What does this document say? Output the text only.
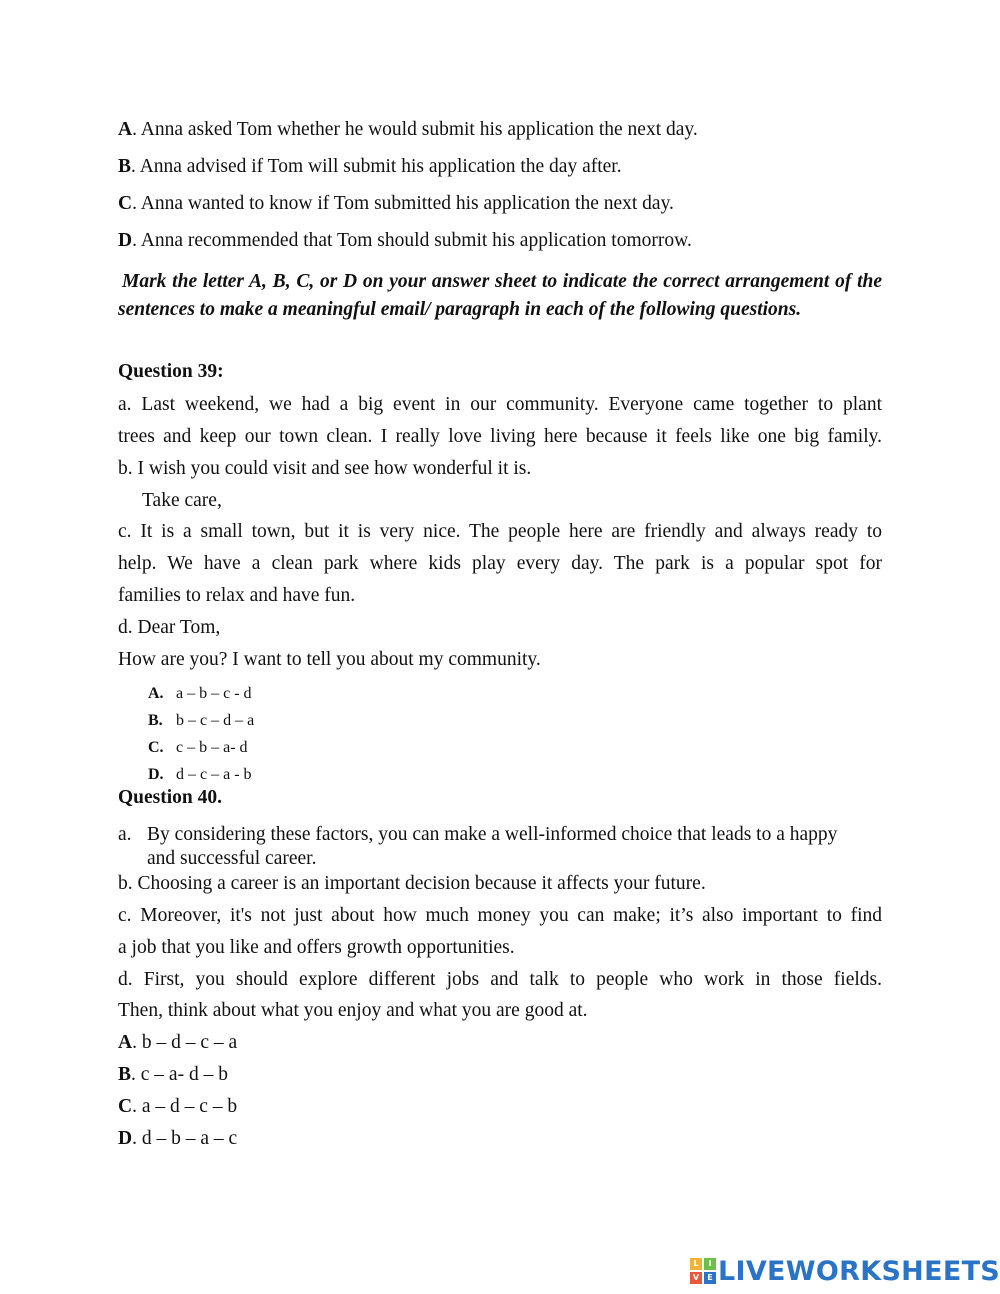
A. Anna asked Tom whether he would submit his application the next day.
B. Anna advised if Tom will submit his application the day after.
C. Anna wanted to know if Tom submitted his application the next day.
D. Anna recommended that Tom should submit his application tomorrow.
Mark the letter A, B, C, or D on your answer sheet to indicate the correct arrangement of the sentences to make a meaningful email/ paragraph in each of the following questions.
Question 39:
a. Last weekend, we had a big event in our community. Everyone came together to plant
trees and keep our town clean. I really love living here because it feels like one big family.
b. I wish you could visit and see how wonderful it is.
Take care,
c. It is a small town, but it is very nice. The people here are friendly and always ready to
help. We have a clean park where kids play every day. The park is a popular spot for
families to relax and have fun.
d. Dear Tom,
How are you? I want to tell you about my community.
A. a – b – c - d
B. b – c – d – a
C. c – b – a- d
D. d – c – a - b
Question 40.
a. By considering these factors, you can make a well-informed choice that leads to a happy
and successful career.
b. Choosing a career is an important decision because it affects your future.
c. Moreover, it's not just about how much money you can make; it’s also important to find
a job that you like and offers growth opportunities.
d. First, you should explore different jobs and talk to people who work in those fields.
Then, think about what you enjoy and what you are good at.
A. b – d – c – a
B. c – a- d – b
C. a – d – c – b
D. d – b – a – c
L	I
V	E LIVEWORKSHEETS
